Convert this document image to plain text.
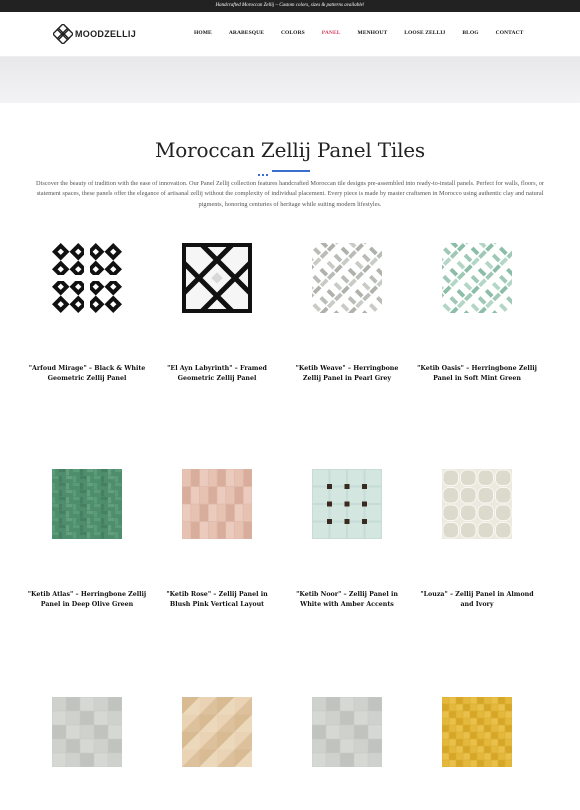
Handcrafted Moroccan Zellij – Custom colors, sizes & patterns available!
MOODZELLIJ	HOME	ARABESQUE	COLORS	PANEL	MENHOUT	LOOSE ZELLIJ	BLOG	CONTACT
Moroccan Zellij Panel Tiles

Discover the beauty of tradition with the ease of innovation. Our Panel Zellij collection features handcrafted Moroccan tile designs pre-assembled into ready-to-install panels. Perfect for walls, floors, or statement spaces, these panels offer the elegance of artisanal zellij without the complexity of individual placement. Every piece is made by master craftsmen in Morocco using authentic clay and natural pigments, honoring centuries of heritage while suiting modern lifestyles.

"Arfoud Mirage" – Black & White Geometric Zellij Panel
"El Ayn Labyrinth" – Framed Geometric Zellij Panel
"Ketib Weave" – Herringbone Zellij Panel in Pearl Grey
"Ketib Oasis" – Herringbone Zellij Panel in Soft Mint Green
"Ketib Atlas" – Herringbone Zellij Panel in Deep Olive Green
"Ketib Rose" – Zellij Panel in Blush Pink Vertical Layout
"Ketib Noor" – Zellij Panel in White with Amber Accents
"Louza" – Zellij Panel in Almond and Ivory
